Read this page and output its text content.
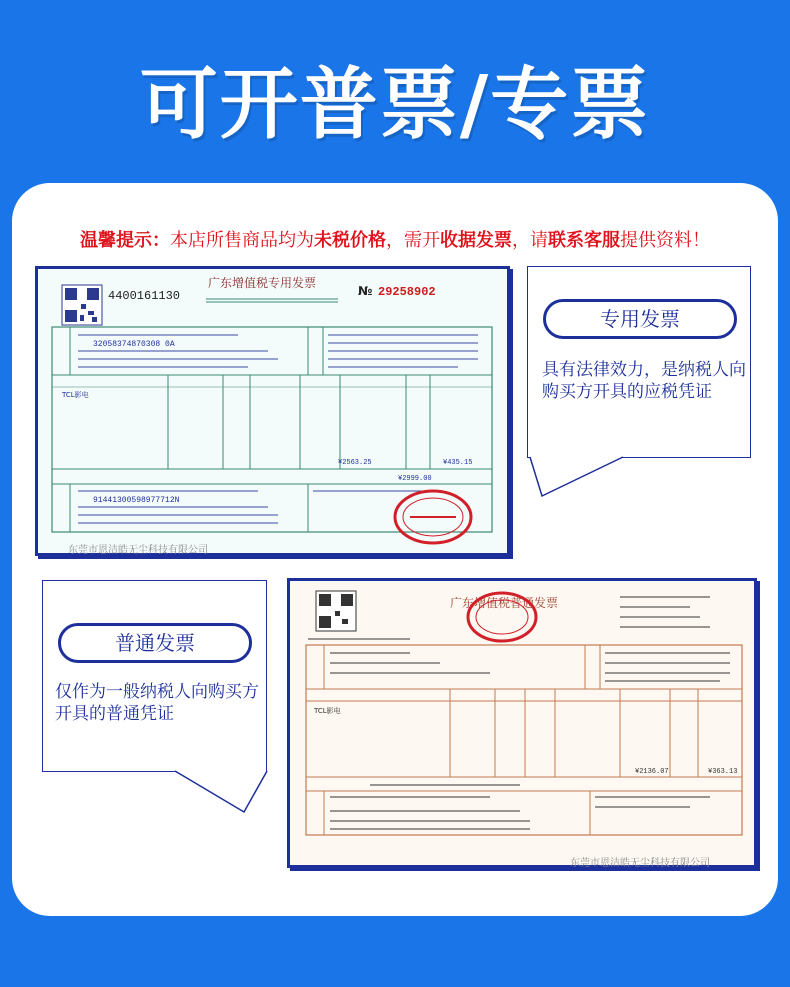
可开普票/专票
温馨提示：本店所售商品均为未税价格，需开收据发票，请联系客服提供资料！
4400161130
广东增值税专用发票
№ 29258902
32058374870308 0A
91441300598977712N
TCL影电
¥2563.25	¥435.15
¥2999.00
东莞市恩洁皓无尘科技有限公司
专用发票
具有法律效力，是纳税人向购买方开具的应税凭证
广东增值税普通发票
TCL影电
¥2136.07	¥363.13
东莞市恩洁皓无尘科技有限公司
普通发票
仅作为一般纳税人向购买方开具的普通凭证
